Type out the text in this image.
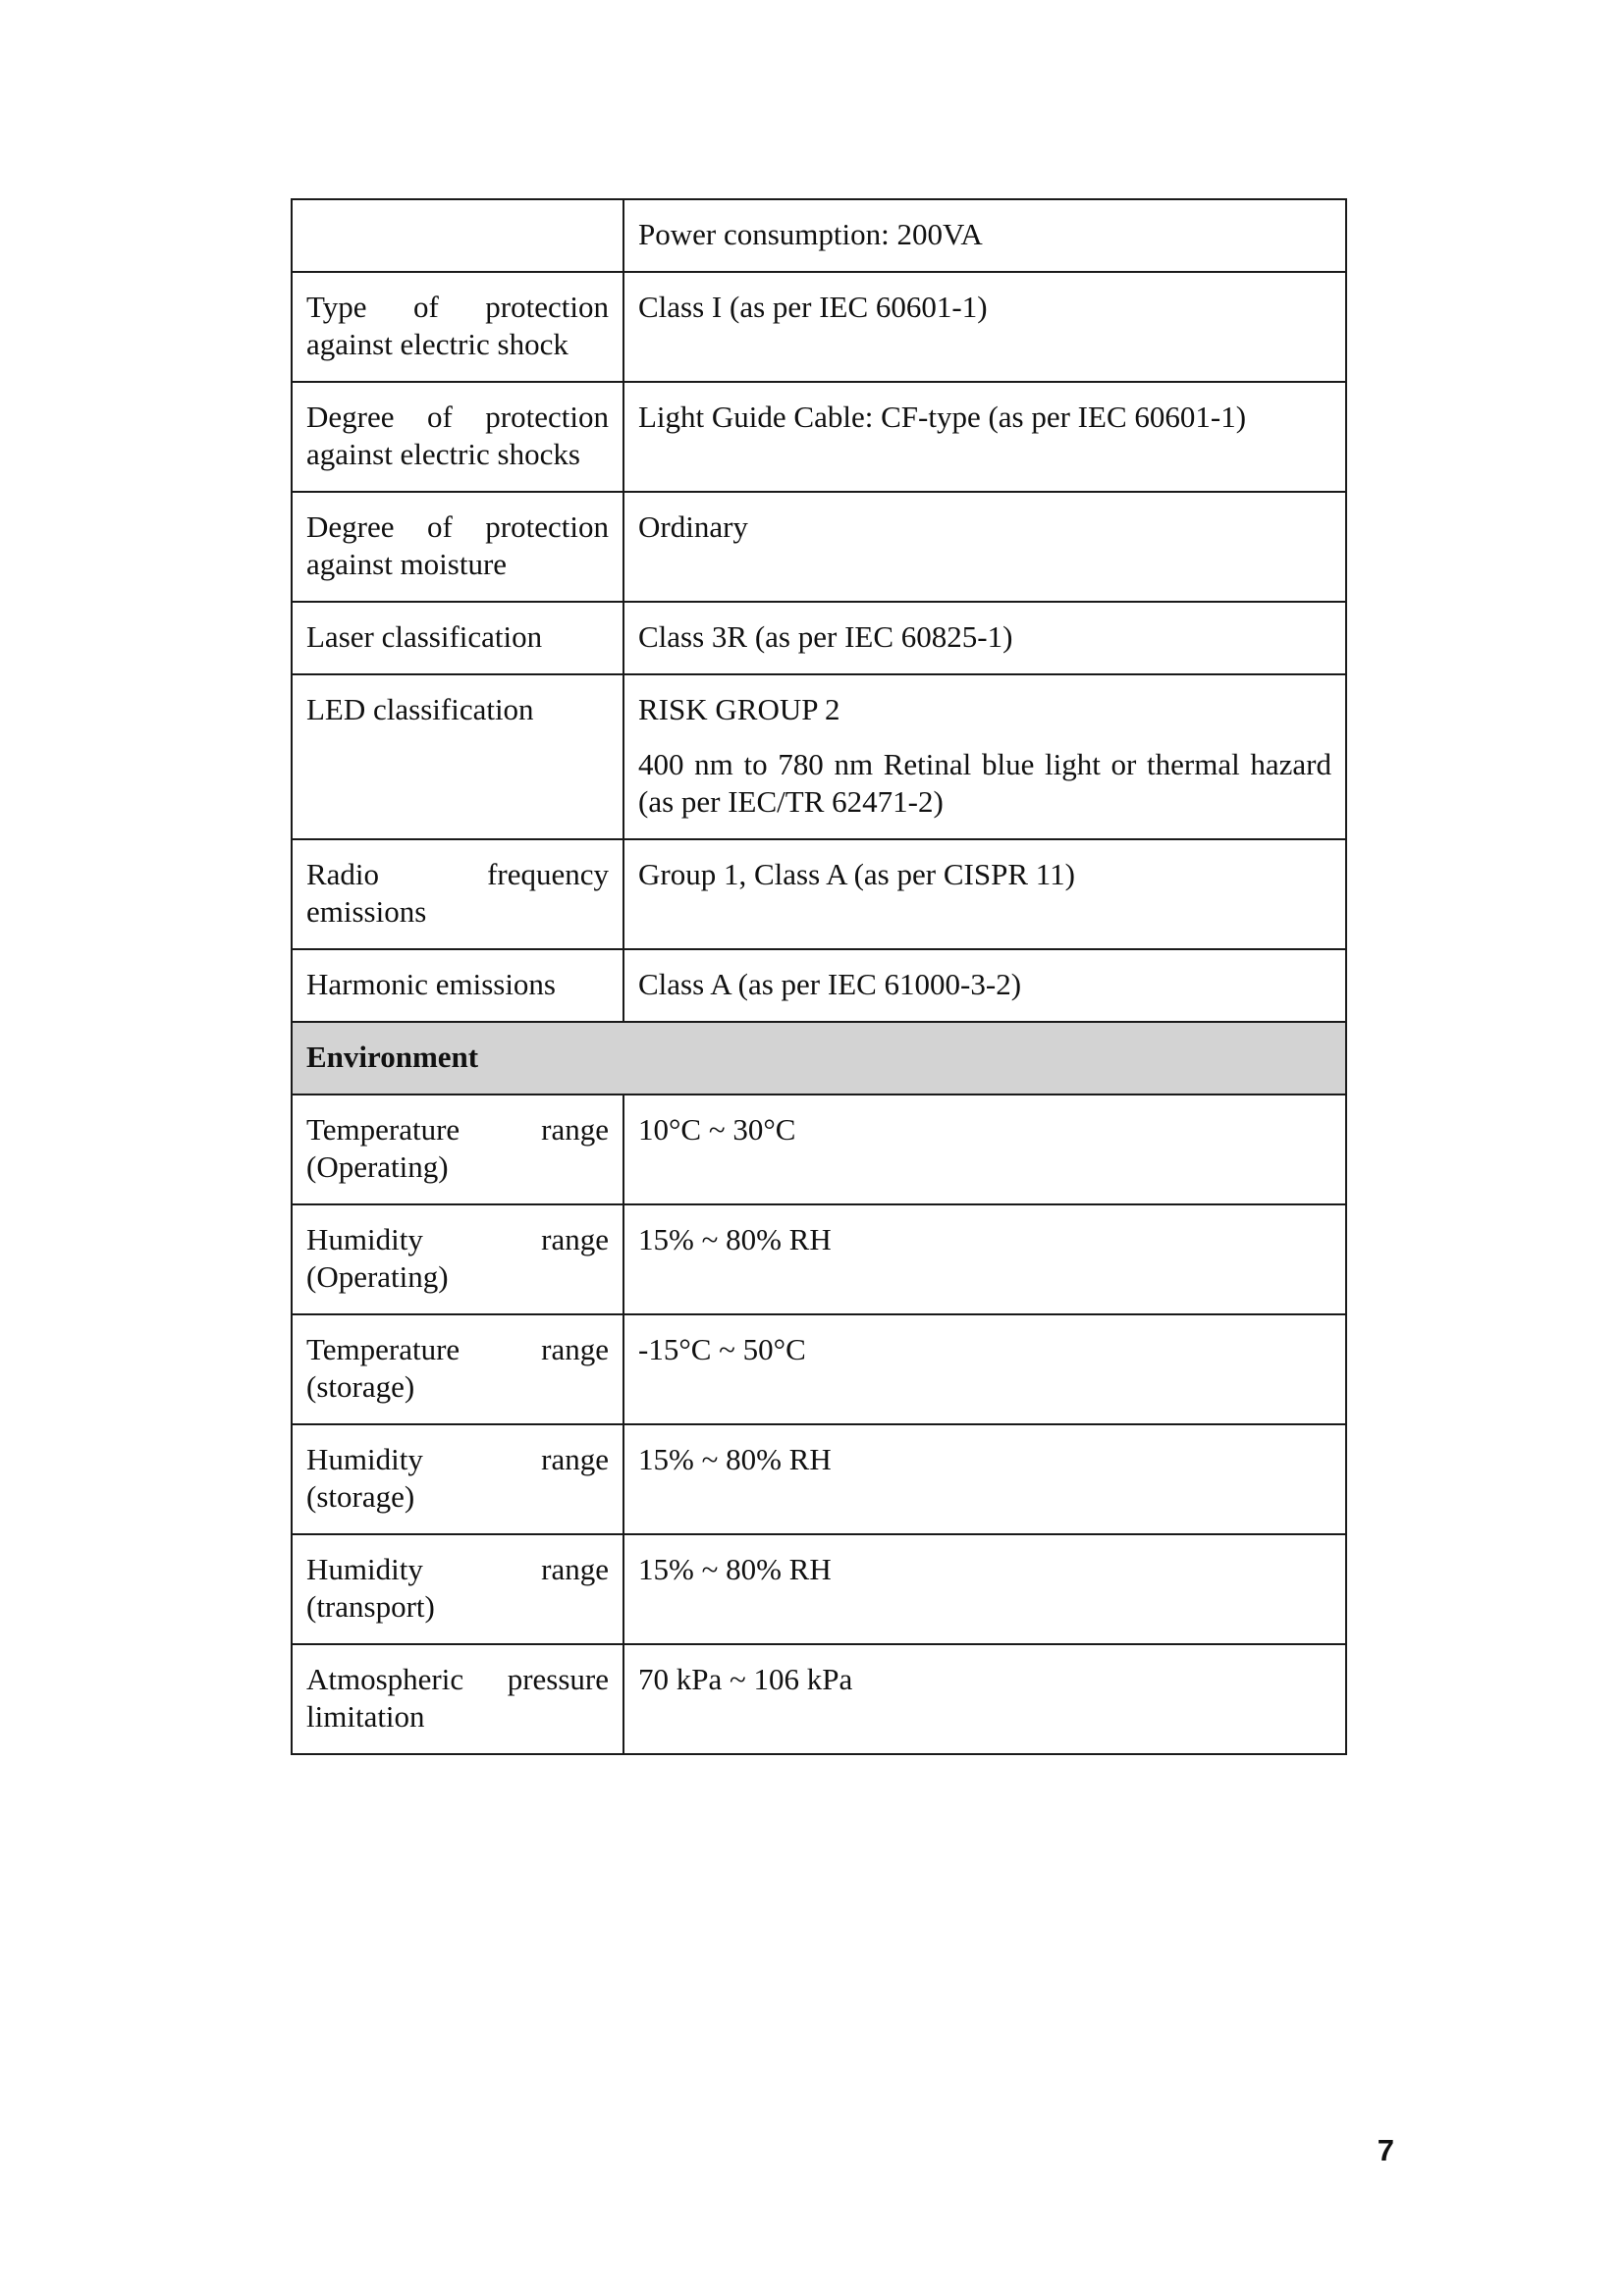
	Power consumption: 200VA
Type of protection against electric shock	Class I (as per IEC 60601-1)
Degree of protection against electric shocks	Light Guide Cable: CF-type (as per IEC 60601-1)
Degree of protection against moisture	Ordinary
Laser classification	Class 3R (as per IEC 60825-1)
LED classification	RISK GROUP 2
400 nm to 780 nm Retinal blue light or thermal hazard (as per IEC/TR 62471-2)

Radio frequency emissions	Group 1, Class A (as per CISPR 11)
Harmonic emissions	Class A (as per IEC 61000-3-2)
Environment	
Temperature range (Operating)	10°C ~ 30°C
Humidity range (Operating)	15% ~ 80% RH
Temperature range (storage)	-15°C ~ 50°C
Humidity range (storage)	15% ~ 80% RH
Humidity range (transport)	15% ~ 80% RH
Atmospheric pressure limitation	70 kPa ~ 106 kPa
7
